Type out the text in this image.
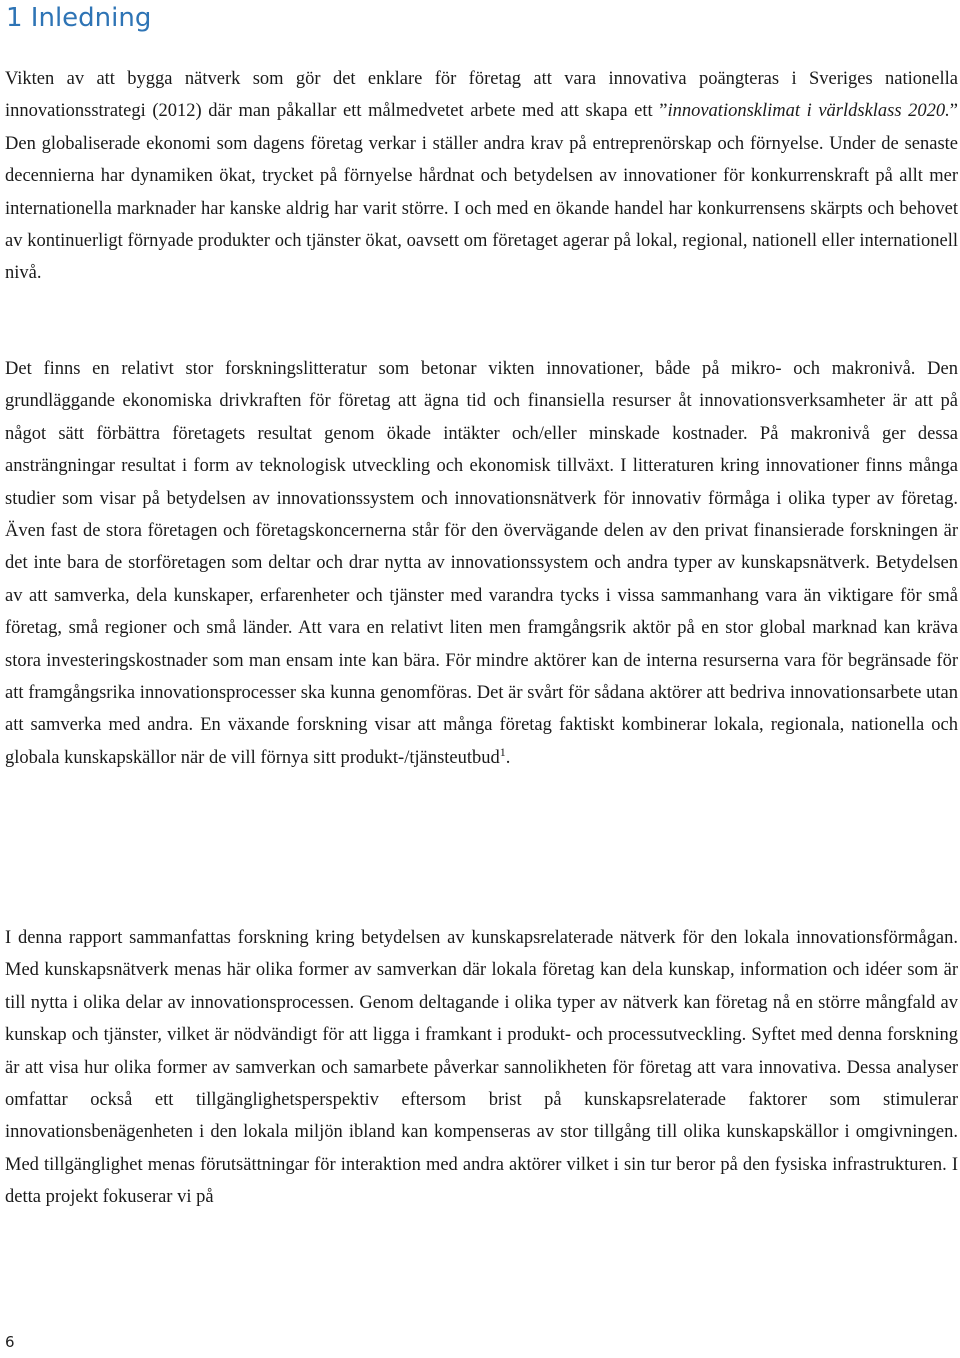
1 Inledning

Vikten av att bygga nätverk som gör det enklare för företag att vara innovativa poängteras i Sveriges nationella innovationsstrategi (2012) där man påkallar ett målmedvetet arbete med att skapa ett ”innovationsklimat i världsklass 2020.” Den globaliserade ekonomi som dagens företag verkar i ställer andra krav på entreprenörskap och förnyelse. Under de senaste decennierna har dynamiken ökat, trycket på förnyelse hårdnat och betydelsen av innovationer för konkurrenskraft på allt mer internationella marknader har kanske aldrig har varit större. I och med en ökande handel har konkurrensens skärpts och behovet av kontinuerligt förnyade produkter och tjänster ökat, oavsett om företaget agerar på lokal, regional, nationell eller internationell nivå.

Det finns en relativt stor forskningslitteratur som betonar vikten innovationer, både på mikro- och makronivå. Den grundläggande ekonomiska drivkraften för företag att ägna tid och finansiella resurser åt innovationsverksamheter är att på något sätt förbättra företagets resultat genom ökade intäkter och/eller minskade kostnader. På makronivå ger dessa ansträngningar resultat i form av teknologisk utveckling och ekonomisk tillväxt. I litteraturen kring innovationer finns många studier som visar på betydelsen av innovationssystem och innovationsnätverk för innovativ förmåga i olika typer av företag. Även fast de stora företagen och företagskoncernerna står för den övervägande delen av den privat finansierade forskningen är det inte bara de storföretagen som deltar och drar nytta av innovationssystem och andra typer av kunskapsnätverk. Betydelsen av att samverka, dela kunskaper, erfarenheter och tjänster med varandra tycks i vissa sammanhang vara än viktigare för små företag, små regioner och små länder. Att vara en relativt liten men framgångsrik aktör på en stor global marknad kan kräva stora investeringskostnader som man ensam inte kan bära. För mindre aktörer kan de interna resurserna vara för begränsade för att framgångsrika innovationsprocesser ska kunna genomföras. Det är svårt för sådana aktörer att bedriva innovationsarbete utan att samverka med andra. En växande forskning visar att många företag faktiskt kombinerar lokala, regionala, nationella och globala kunskapskällor när de vill förnya sitt produkt-/tjänsteutbud$^1$.

I denna rapport sammanfattas forskning kring betydelsen av kunskapsrelaterade nätverk för den lokala innovationsförmågan. Med kunskapsnätverk menas här olika former av samverkan där lokala företag kan dela kunskap, information och idéer som är till nytta i olika delar av innovationsprocessen. Genom deltagande i olika typer av nätverk kan företag nå en större mångfald av kunskap och tjänster, vilket är nödvändigt för att ligga i framkant i produkt- och processutveckling. Syftet med denna forskning är att visa hur olika former av samverkan och samarbete påverkar sannolikheten för företag att vara innovativa. Dessa analyser omfattar också ett tillgänglighetsperspektiv eftersom brist på kunskapsrelaterade faktorer som stimulerar innovationsbenägenheten i den lokala miljön ibland kan kompenseras av stor tillgång till olika kunskapskällor i omgivningen. Med tillgänglighet menas förutsättningar för interaktion med andra aktörer vilket i sin tur beror på den fysiska infrastrukturen. I detta projekt fokuserar vi på

6
